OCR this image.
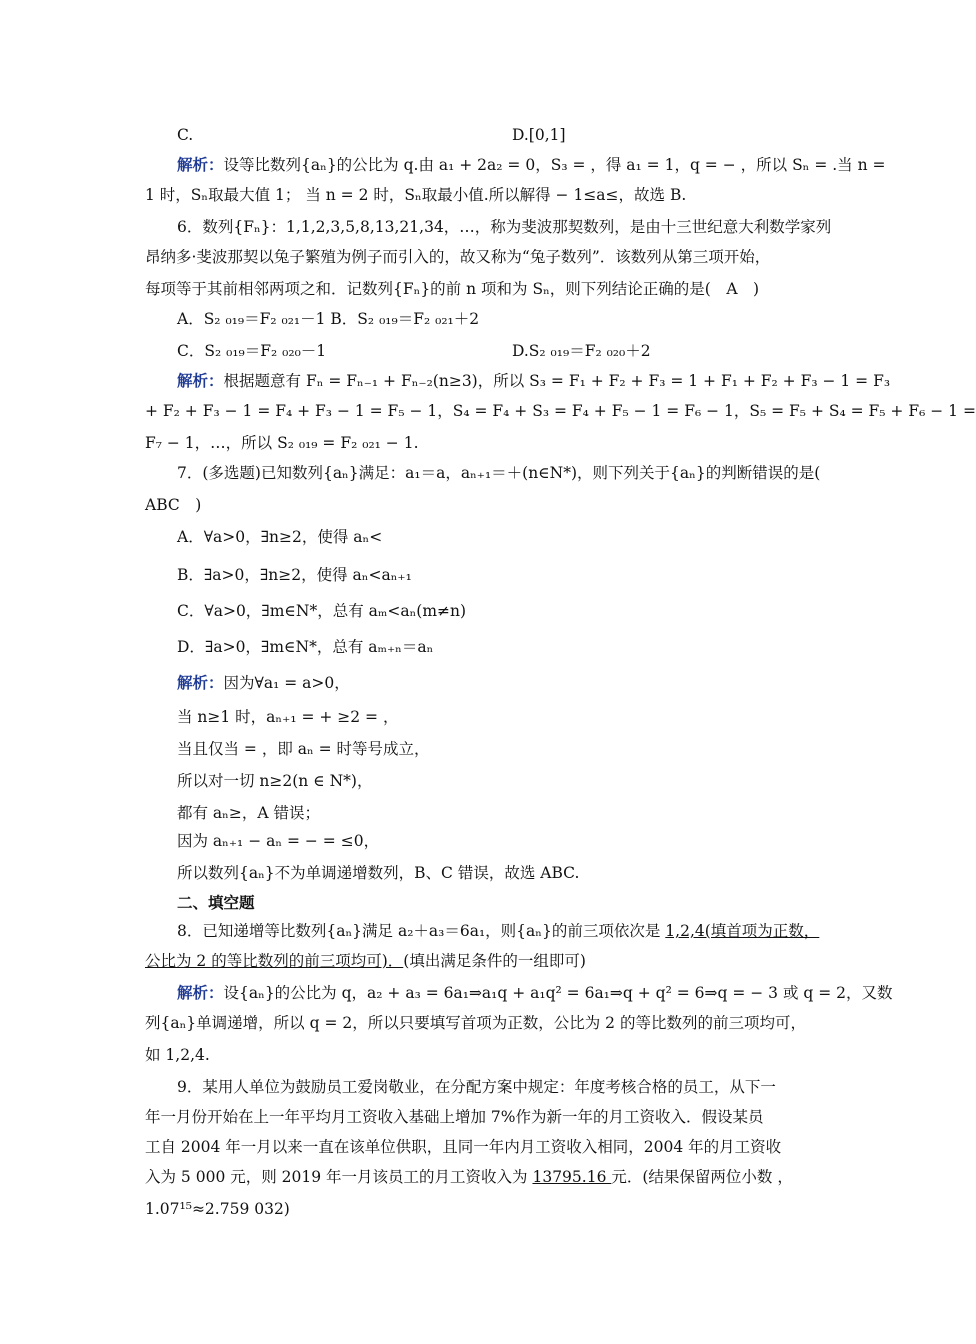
C.	D.[0,1]
解析：设等比数列{aₙ}的公比为 q.由 a₁ + 2a₂ = 0，S₃ = ，得 a₁ = 1，q = − ，所以 Sₙ = .当 n =
1 时，Sₙ取最大值 1； 当 n = 2 时，Sₙ取最小值.所以解得 − 1≤a≤，故选 B.
6．数列{Fₙ}：1,1,2,3,5,8,13,21,34，…，称为斐波那契数列，是由十三世纪意大利数学家列
昂纳多·斐波那契以兔子繁殖为例子而引入的，故又称为“兔子数列”．该数列从第三项开始，
每项等于其前相邻两项之和．记数列{Fₙ}的前 n 项和为 Sₙ，则下列结论正确的是(　A　)
A．S₂ ₀₁₉＝F₂ ₀₂₁－1 B．S₂ ₀₁₉＝F₂ ₀₂₁＋2
C．S₂ ₀₁₉＝F₂ ₀₂₀－1	D.S₂ ₀₁₉＝F₂ ₀₂₀＋2
解析：根据题意有 Fₙ = Fₙ₋₁ + Fₙ₋₂(n≥3)，所以 S₃ = F₁ + F₂ + F₃ = 1 + F₁ + F₂ + F₃ − 1 = F₃
+ F₂ + F₃ − 1 = F₄ + F₃ − 1 = F₅ − 1，S₄ = F₄ + S₃ = F₄ + F₅ − 1 = F₆ − 1，S₅ = F₅ + S₄ = F₅ + F₆ − 1 =
F₇ − 1，…，所以 S₂ ₀₁₉ = F₂ ₀₂₁ − 1.
7．(多选题)已知数列{aₙ}满足：a₁＝a，aₙ₊₁＝＋(n∈N*)，则下列关于{aₙ}的判断错误的是(
ABC　)
A．∀a>0，∃n≥2，使得 aₙ<
B．∃a>0，∃n≥2，使得 aₙ<aₙ₊₁
C．∀a>0，∃m∈N*，总有 aₘ<aₙ(m≠n)
D．∃a>0，∃m∈N*，总有 aₘ₊ₙ＝aₙ
解析：因为∀a₁ = a>0，
当 n≥1 时，aₙ₊₁ = + ≥2 = ，
当且仅当 = ，即 aₙ = 时等号成立，
所以对一切 n≥2(n ∈ N*)，
都有 aₙ≥，A 错误；
因为 aₙ₊₁ − aₙ = − = ≤0，
所以数列{aₙ}不为单调递增数列，B、C 错误，故选 ABC.
二、填空题
8．已知递增等比数列{aₙ}满足 a₂＋a₃＝6a₁，则{aₙ}的前三项依次是 1,2,4(填首项为正数，
公比为 2 的等比数列的前三项均可)．(填出满足条件的一组即可)
解析：设{aₙ}的公比为 q，a₂ + a₃ = 6a₁⇒a₁q + a₁q² = 6a₁⇒q + q² = 6⇒q = − 3 或 q = 2，又数
列{aₙ}单调递增，所以 q = 2，所以只要填写首项为正数，公比为 2 的等比数列的前三项均可，
如 1,2,4.
9．某用人单位为鼓励员工爱岗敬业，在分配方案中规定：年度考核合格的员工，从下一
年一月份开始在上一年平均月工资收入基础上增加 7%作为新一年的月工资收入．假设某员
工自 2004 年一月以来一直在该单位供职，且同一年内月工资收入相同，2004 年的月工资收
入为 5 000 元，则 2019 年一月该员工的月工资收入为 13795.16 元．(结果保留两位小数 ，
1.07¹⁵≈2.759 032)
